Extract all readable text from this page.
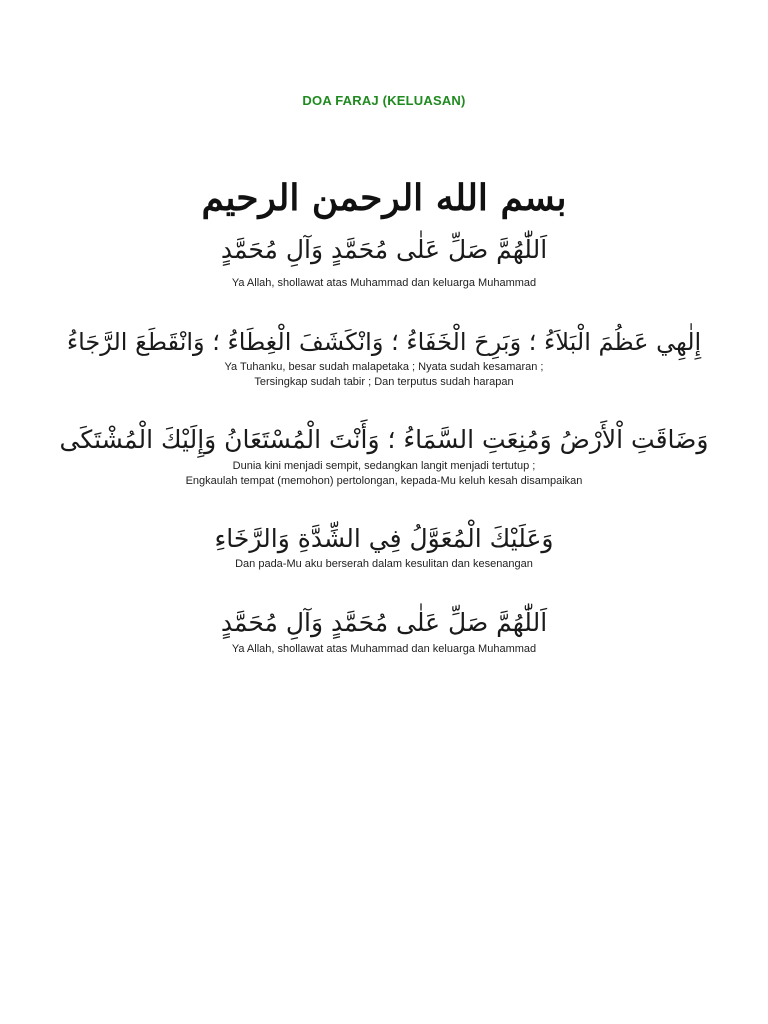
DOA FARAJ (KELUASAN)
بسم الله الرحمن الرحيم
اَللّٰهُمَّ صَلِّ عَلٰى مُحَمَّدٍ وَآلِ مُحَمَّدٍ
Ya Allah, shollawat atas Muhammad dan keluarga Muhammad
إِلٰهِي عَظُمَ الْبَلاَءُ ؛ وَبَرِحَ الْخَفَاءُ ؛ وَانْكَشَفَ الْغِطَاءُ ؛ وَانْقَطَعَ الرَّجَاءُ
Ya Tuhanku, besar sudah malapetaka ; Nyata sudah kesamaran ;
Tersingkap sudah tabir ; Dan terputus sudah harapan
وَضَاقَتِ اْلأَرْضُ وَمُنِعَتِ السَّمَاءُ ؛ وَأَنْتَ الْمُسْتَعَانُ وَإِلَيْكَ الْمُشْتَكَى
Dunia kini menjadi sempit, sedangkan langit menjadi tertutup ;
Engkaulah tempat (memohon) pertolongan, kepada-Mu keluh kesah disampaikan
وَعَلَيْكَ الْمُعَوَّلُ فِي الشِّدَّةِ وَالرَّخَاءِ
Dan pada-Mu aku berserah dalam kesulitan dan kesenangan
اَللّٰهُمَّ صَلِّ عَلٰى مُحَمَّدٍ وَآلِ مُحَمَّدٍ
Ya Allah, shollawat atas Muhammad dan keluarga Muhammad
